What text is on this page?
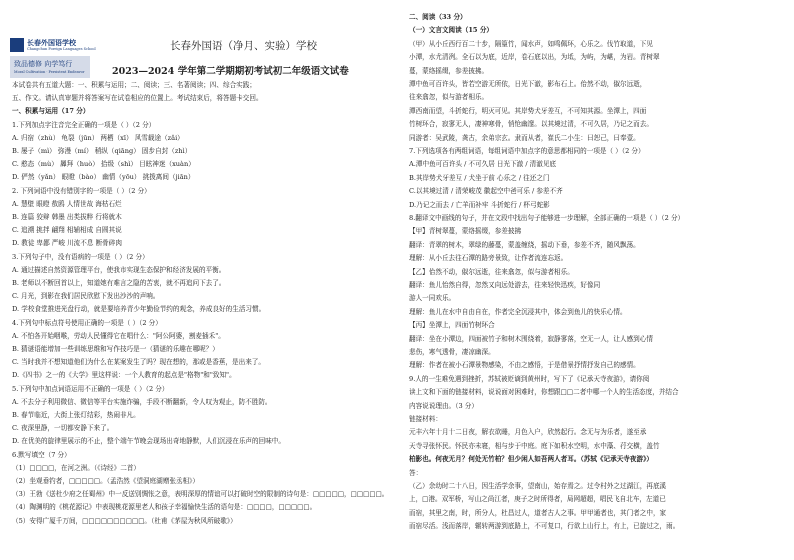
长春外国语学校
Changchun Foreign Languages School
致品德修 向学笃行
Moral Cultivation · Persistent Endeavor
长春外国语（净月、实验）学校
2023—2024 学年第二学期期初考试初二年级语文试卷
本试卷共有五道大题：一、积累与运用；二、阅读；三、名著阅读；四、综合实践；
五、作文。请认真审题并将答案写在试卷相应的位置上。考试结束后，将答题卡交回。
一、积累与运用（17 分）
1.下列加点字注音完全正确的一项是（ ）（2 分）
A. 归宿（zhù） 龟裂（jūn） 两栖（xī） 风雪载途（zǎi）
B. 屡子（mì） 弥漫（mí） 稍纵（qiāng） 固步自封（zhì）
C. 憨态（mù） 羼拜（huò） 拾级（shì） 目眩神迷（xuàn）
D. 俨然（yǎn） 眼瞪（bào） 幽情（yōu） 挑拨离间（jiān）
2. 下列词语中没有错别字的一项是（ ）（2 分）
A. 慧壁 眼瞪 敖鸥 人情世故 海枯石烂
B. 连篇 狡辩 韩墨 出类拔粹 行将就木
C. 追溯 挑拌 翩翔 相辅相成 自圆其说
D. 教徒 卑鄙 严峻 川流不息 断骨碎肉
3.下列句子中，没有语病的一项是（ ）（2 分）
A. 通过描述自然资源管理平台，使我市实现生态保护和经济发展的平衡。
B. 老师以不断回首以上，知道她有难言之隐的苦衷，就不再追问下去了。
C. 月光，到影在我们居民欣慰下发出沙沙的声响。
D. 学校食堂推进光盘行动，就是要培养青少年勤俭节约的观念，养成良好的生活习惯。
4.下列句中标点符号使用正确的一项是（ ）（2 分）
A. 不怕各开始咽喉，劳动人民懂得它在唱什么："阿公阿婆，割麦插禾"。
B. 猜谜语能增加一些训练思维和写作技巧是一（猜谜的乐趣在哪呢？）
C. 当时我并不想知道他们为什么在某案发生了吗？现在想的，那或是香蕉，是出来了。
D.《四书》之一的《大学》里这样说：一个人教育的起点是"格物"和"致知"。
5.下列句中加点词语运用不正确的一项是（ ）（2 分）
A. 不去分子利用微信、微信等平台实施诈骗，手段不断翻新，令人叹为观止，防不胜防。
B. 春节临近，大街上张灯结彩，热闹非凡。
C. 夜深里静，一切都安静下来了。
D. 在优美的旋律里展示的不止，整个端午节晚会现场出奇地静默，人们沉浸在乐声的回味中。
6.默写填空（7 分）
（1）□□□□，在河之洲。（《诗经》二首）
（2）坐观垂钓者，□□□□□。（孟浩然《望洞庭湖赠张丞相》）
（3）王勃《送杜少府之任蜀州》中一反送别惆怅之意，表明深厚的情谊可以打破时空的限制的诗句是：□□□□□，□□□□□。
（4）陶渊明的《桃花源记》中表现桃花源里老人和孩子幸福愉快生活的语句是：□□□□，□□□□□。
（5）安得广厦千万间，□□□□□□□□□□。（杜甫《茅屋为秋风所破歌》）
二、阅读（33 分）
（一）文言文阅读（15 分）
（甲）从小丘西行百二十步，隔篁竹，闻水声，如鸣佩环，心乐之。伐竹取道，下见
小潭，水尤清冽。全石以为底，近岸，卷石底以出，为坻，为屿，为嵁，为岩。青树翠
蔓，蒙络摇缀，参差披拂。
潭中鱼可百许头，皆若空游无所依，日光下澈，影布石上。佁然不动，俶尔远逝，
往来翕忽，似与游者相乐。
潭西南而望，斗折蛇行，明灭可见。其岸势犬牙差互，不可知其源。坐潭上，四面
竹树环合，寂寥无人，凄神寒骨，悄怆幽邃。以其境过清，不可久居，乃记之而去。
同游者：吴武陵，龚古，余弟宗玄。隶而从者，崔氏二小生：曰恕己，曰奉壹。
7.下列选项各有两组词语，每组词语中加点字的意思都相同的一项是（ ）（2 分）
A.潭中鱼可百许头 / 不可久居 日光下澈 / 清澈见底
B.其岸势犬牙差互 / 犬坐于前 心乐之 / 往还之门
C.以其境过清 / 清荣峻茂 徽起空中爸可乐 / 参差不齐
D.乃记之而去 / 亡羊而补牢 斗折蛇行 / 杯弓蛇影
8.翻译文中画线的句子，并在文段中找出句子能够进一步理解，全部正确的一项是（ ）（2 分）
【甲】青树翠蔓，蒙络摇缀，参差披拂
翻译：青翠的树木，翠绿的藤蔓，蒙盖缠绕，摇动下垂，参差不齐，随风飘荡。
理解：从小丘去往石潭的路旁景致，让作者流连忘返。
【乙】佁然不动，俶尔远逝，往来翕忽，似与游者相乐。
翻译：鱼儿怡然自得，忽然又向远处游去，往来轻快迅疾，好像同
游人一同欢乐。
理解：鱼儿在水中自由自在，作者完全沉浸其中，体会到鱼儿的快乐心情。
【丙】坐潭上，四面竹树环合
翻译：坐在小潭边，四面被竹子和树木围绕着，寂静寥落，空无一人，让人感到心情
悲伤，寒气透骨，凄凉幽深。
理解：作者在被小石潭景物感染，不由之感悟，于是借景抒情抒发自己的感情。
9.人的一生难免遇到挫折，苏轼被贬谪到黄州时，写下了《记承天寺夜游》，请你阅
读上文和下面的链接材料，说说面对困难时，你想跟□□二者中哪一个人的生活态度，并结合
内容说说理由。（3 分）
链接材料：
元丰六年十月十二日夜，解衣欲睡，月色入户，欣然起行。念无与为乐者，遂至承
天寺寻张怀民。怀民亦未寝，相与步于中庭。庭下如积水空明，水中藻、荇交横，盖竹
柏影也。何夜无月？何处无竹柏？但少闲人如吾两人者耳。（苏轼《记承天寺夜游》）
答：
（乙）余幼时二十八日，因生活学余事，望南山，始存焉之。过令村外之过湖江，再底溪
上，□港。双军桥，写山之尚江者，庚子之时所得者，局网超超，唱民飞自北车，左道已
而宿，其里之南，时，所分人，杜昌过人，道者古人之事。甲甲通者也，其门者之中，家
而宿尽活。浅而落岸，辗转两游到底路上，不可复口，行欲上山行上，有上，已旋过之，雨。
